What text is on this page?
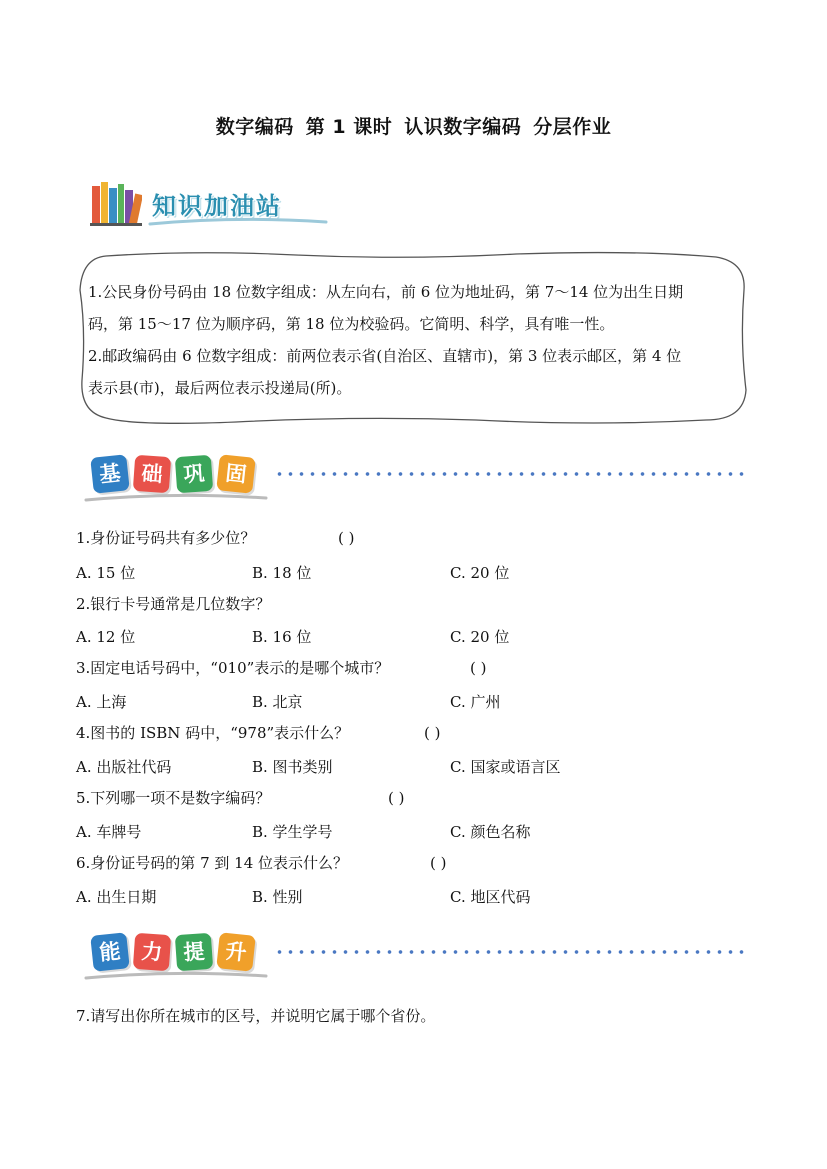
数字编码 第 1 课时 认识数字编码 分层作业
知识加油站

1.公民身份号码由 18 位数字组成：从左向右，前 6 位为地址码，第 7～14 位为出生日期

码，第 15～17 位为顺序码，第 18 位为校验码。它简明、科学，具有唯一性。

2.邮政编码由 6 位数字组成：前两位表示省(自治区、直辖市)，第 3 位表示邮区，第 4 位

表示县(市)，最后两位表示投递局(所)。

基 础 巩 固
1.身份证号码共有多少位？	( )
A. 15 位	B. 18 位	C. 20 位
2.银行卡号通常是几位数字？
A. 12 位	B. 16 位	C. 20 位
3.固定电话号码中，“010”表示的是哪个城市？	( )
A. 上海	B. 北京	C. 广州
4.图书的 ISBN 码中，“978”表示什么？	( )
A. 出版社代码	B. 图书类别	C. 国家或语言区
5.下列哪一项不是数字编码？	( )
A. 车牌号	B. 学生学号	C. 颜色名称
6.身份证号码的第 7 到 14 位表示什么？	( )
A. 出生日期	B. 性别	C. 地区代码
能 力 提 升
7.请写出你所在城市的区号，并说明它属于哪个省份。
